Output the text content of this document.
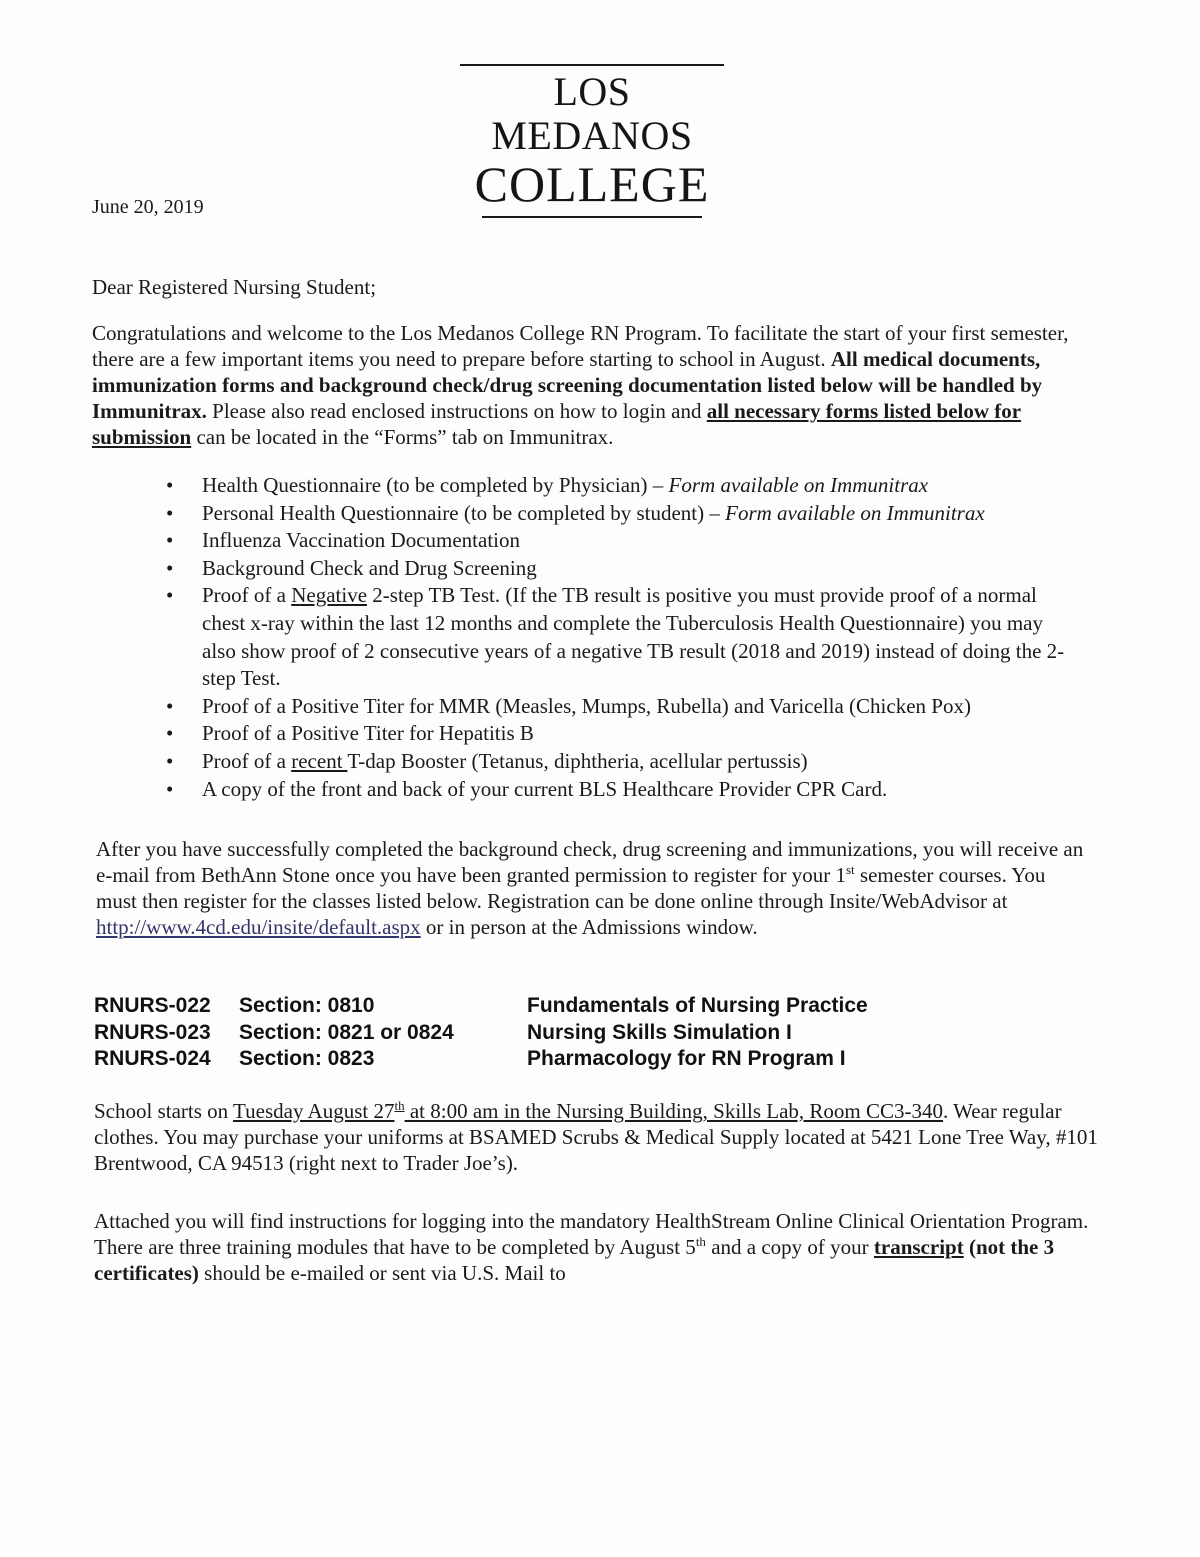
LOS MEDANOS
COLLEGE
June 20, 2019
Dear Registered Nursing Student;
Congratulations and welcome to the Los Medanos College RN Program. To facilitate the start of your first semester, there are a few important items you need to prepare before starting to school in August. All medical documents, immunization forms and background check/drug screening documentation listed below will be handled by Immunitrax. Please also read enclosed instructions on how to login and all necessary forms listed below for submission can be located in the “Forms” tab on Immunitrax.
• Health Questionnaire (to be completed by Physician) – Form available on Immunitrax
• Personal Health Questionnaire (to be completed by student) – Form available on Immunitrax
• Influenza Vaccination Documentation
• Background Check and Drug Screening
• Proof of a Negative 2-step TB Test. (If the TB result is positive you must provide proof of a normal chest x-ray within the last 12 months and complete the Tuberculosis Health Questionnaire) you may also show proof of 2 consecutive years of a negative TB result (2018 and 2019) instead of doing the 2-step Test.
• Proof of a Positive Titer for MMR (Measles, Mumps, Rubella) and Varicella (Chicken Pox)
• Proof of a Positive Titer for Hepatitis B
• Proof of a recent T-dap Booster (Tetanus, diphtheria, acellular pertussis)
• A copy of the front and back of your current BLS Healthcare Provider CPR Card.
After you have successfully completed the background check, drug screening and immunizations, you will receive an e-mail from BethAnn Stone once you have been granted permission to register for your 1st semester courses. You must then register for the classes listed below. Registration can be done online through Insite/WebAdvisor at http://www.4cd.edu/insite/default.aspx or in person at the Admissions window.
RNURS-022	Section: 0810	Fundamentals of Nursing Practice
RNURS-023	Section: 0821 or 0824	Nursing Skills Simulation I
RNURS-024	Section: 0823	Pharmacology for RN Program I
School starts on Tuesday August 27th at 8:00 am in the Nursing Building, Skills Lab, Room CC3-340. Wear regular clothes. You may purchase your uniforms at BSAMED Scrubs & Medical Supply located at 5421 Lone Tree Way, #101 Brentwood, CA 94513 (right next to Trader Joe’s).
Attached you will find instructions for logging into the mandatory HealthStream Online Clinical Orientation Program. There are three training modules that have to be completed by August 5th and a copy of your transcript (not the 3 certificates) should be e-mailed or sent via U.S. Mail to
